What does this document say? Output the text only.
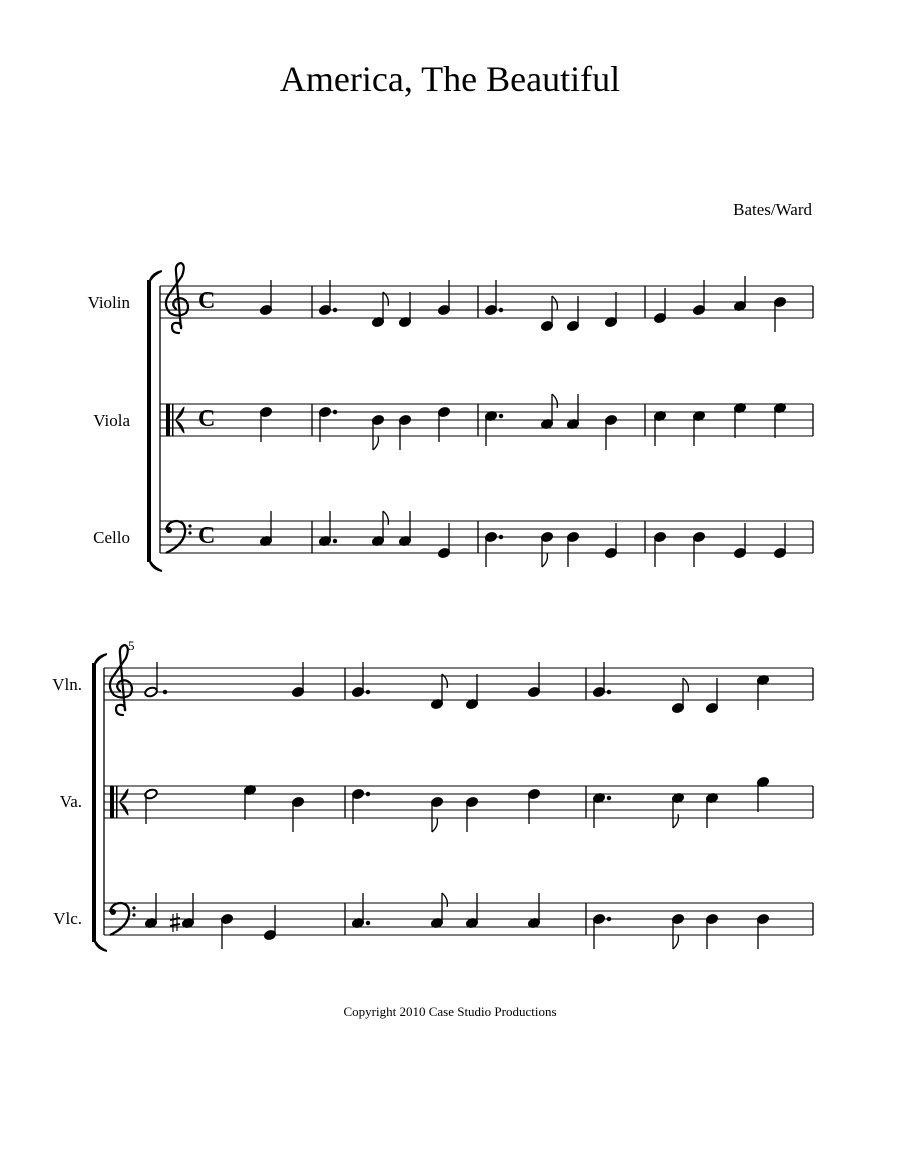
America, The Beautiful
Bates/Ward
Copyright 2010 Case Studio Productions
Violin
Viola
Cello
C
C
C
5
Vln.
Va.
Vlc.
